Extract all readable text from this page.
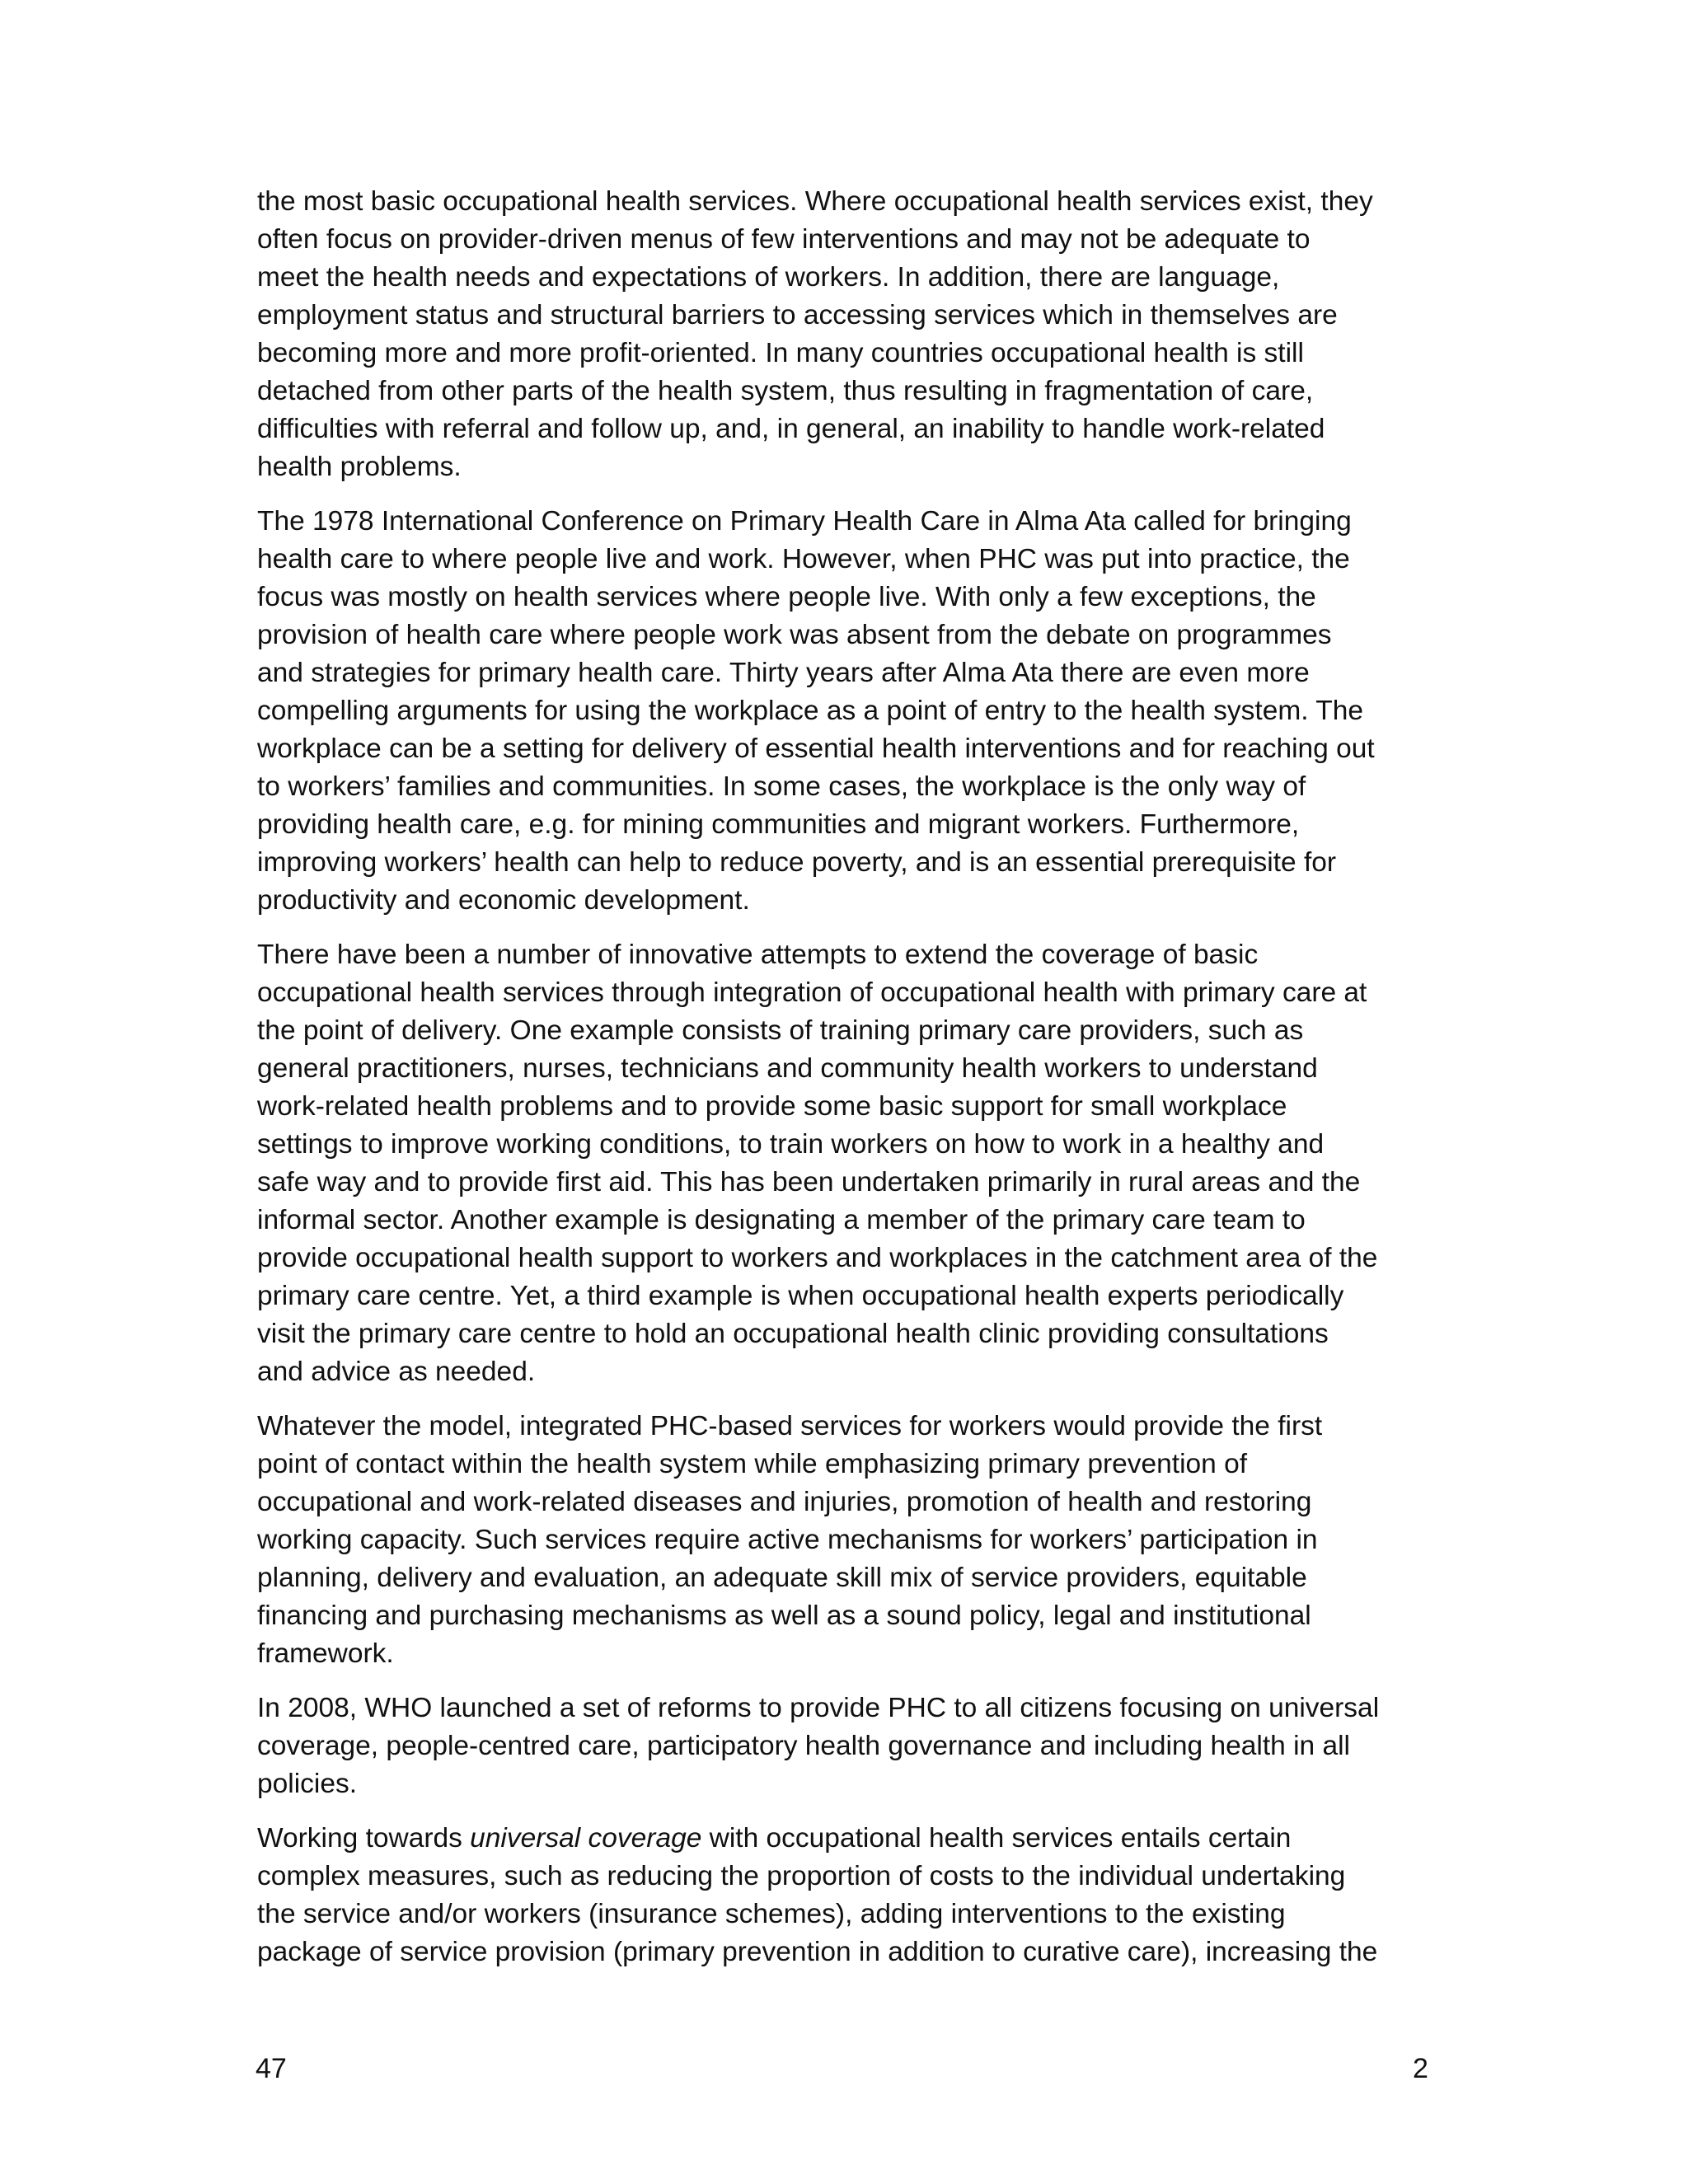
the most basic occupational health services. Where occupational health services exist, they
often focus on provider-driven menus of few interventions and may not be adequate to
meet the health needs and expectations of workers. In addition, there are language,
employment status and structural barriers to accessing services which in themselves are
becoming more and more profit-oriented. In many countries occupational health is still
detached from other parts of the health system, thus resulting in fragmentation of care,
difficulties with referral and follow up, and, in general, an inability to handle work-related
health problems.

The 1978 International Conference on Primary Health Care in Alma Ata called for bringing
health care to where people live and work. However, when PHC was put into practice, the
focus was mostly on health services where people live. With only a few exceptions, the
provision of health care where people work was absent from the debate on programmes
and strategies for primary health care. Thirty years after Alma Ata there are even more
compelling arguments for using the workplace as a point of entry to the health system. The
workplace can be a setting for delivery of essential health interventions and for reaching out
to workers’ families and communities. In some cases, the workplace is the only way of
providing health care, e.g. for mining communities and migrant workers. Furthermore,
improving workers’ health can help to reduce poverty, and is an essential prerequisite for
productivity and economic development.

There have been a number of innovative attempts to extend the coverage of basic
occupational health services through integration of occupational health with primary care at
the point of delivery. One example consists of training primary care providers, such as
general practitioners, nurses, technicians and community health workers to understand
work-related health problems and to provide some basic support for small workplace
settings to improve working conditions, to train workers on how to work in a healthy and
safe way and to provide first aid. This has been undertaken primarily in rural areas and the
informal sector. Another example is designating a member of the primary care team to
provide occupational health support to workers and workplaces in the catchment area of the
primary care centre. Yet, a third example is when occupational health experts periodically
visit the primary care centre to hold an occupational health clinic providing consultations
and advice as needed.

Whatever the model, integrated PHC-based services for workers would provide the first
point of contact within the health system while emphasizing primary prevention of
occupational and work-related diseases and injuries, promotion of health and restoring
working capacity. Such services require active mechanisms for workers’ participation in
planning, delivery and evaluation, an adequate skill mix of service providers, equitable
financing and purchasing mechanisms as well as a sound policy, legal and institutional
framework.

In 2008, WHO launched a set of reforms to provide PHC to all citizens focusing on universal
coverage, people-centred care, participatory health governance and including health in all
policies.

Working towards universal coverage with occupational health services entails certain
complex measures, such as reducing the proportion of costs to the individual undertaking
the service and/or workers (insurance schemes), adding interventions to the existing
package of service provision (primary prevention in addition to curative care), increasing the

47	2
